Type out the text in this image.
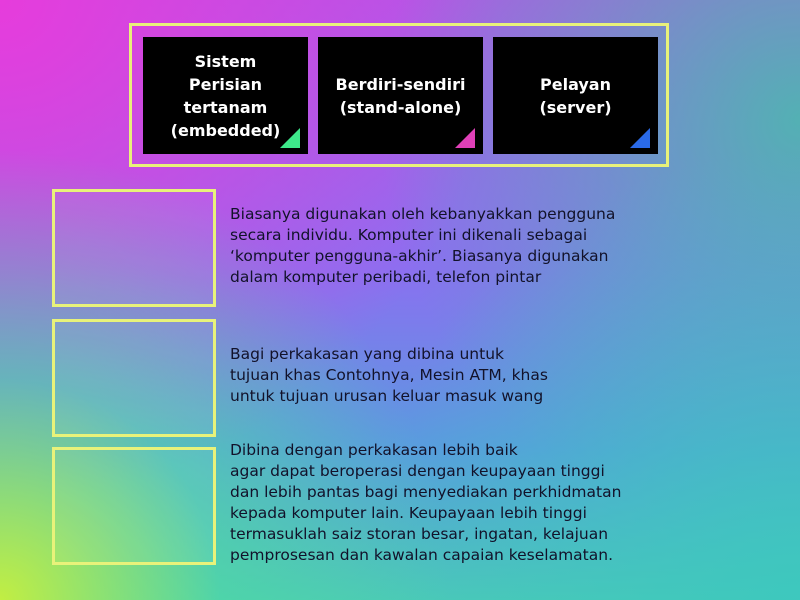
Sistem
Perisian
tertanam
(embedded)
Berdiri-sendiri
(stand-alone)
Pelayan
(server)
Biasanya digunakan oleh kebanyakkan pengguna
secara individu. Komputer ini dikenali sebagai
‘komputer pengguna-akhir’. Biasanya digunakan
dalam komputer peribadi, telefon pintar
Bagi perkakasan yang dibina untuk
tujuan khas Contohnya, Mesin ATM, khas
untuk tujuan urusan keluar masuk wang
Dibina dengan perkakasan lebih baik
agar dapat beroperasi dengan keupayaan tinggi
dan lebih pantas bagi menyediakan perkhidmatan
kepada komputer lain. Keupayaan lebih tinggi
termasuklah saiz storan besar, ingatan, kelajuan
pemprosesan dan kawalan capaian keselamatan.
